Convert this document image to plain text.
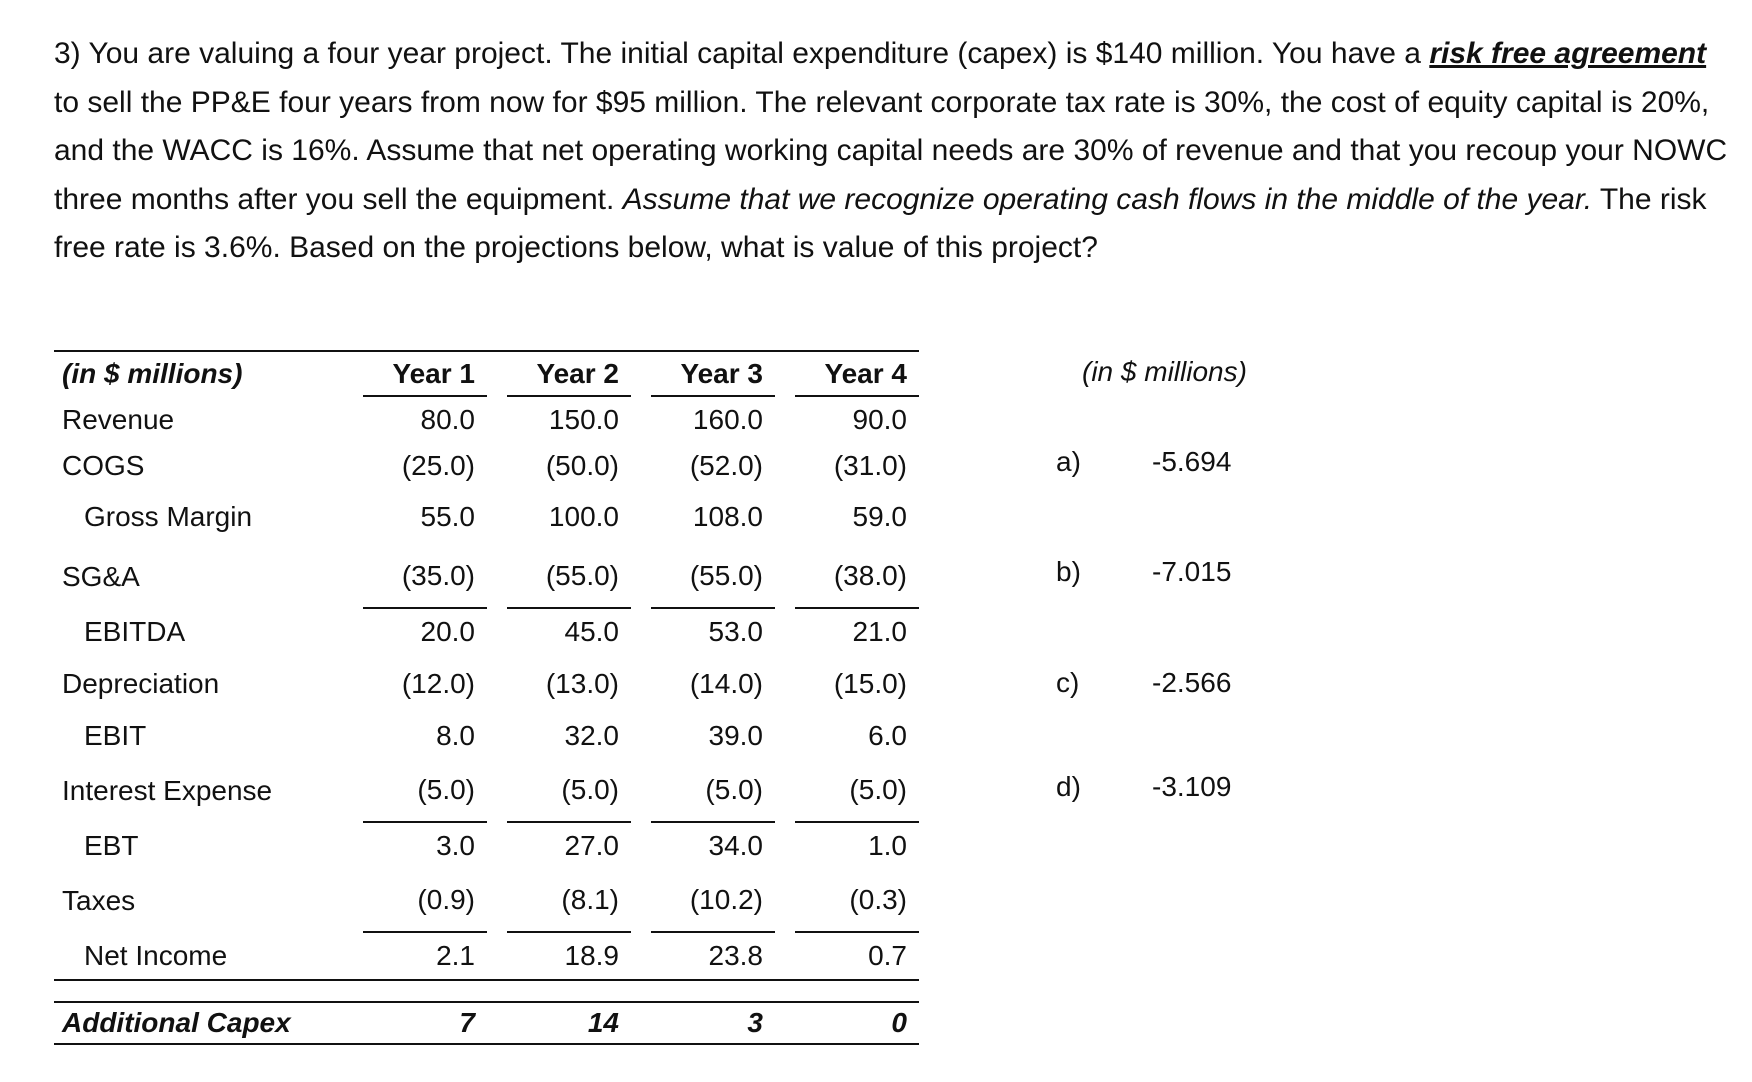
3) You are valuing a four year project. The initial capital expenditure (capex) is $140 million. You have a risk free agreement to sell the PP&E four years from now for $95 million. The relevant corporate tax rate is 30%, the cost of equity capital is 20%, and the WACC is 16%. Assume that net operating working capital needs are 30% of revenue and that you recoup your NOWC three months after you sell the equipment. Assume that we recognize operating cash flows in the middle of the year. The risk free rate is 3.6%. Based on the projections below, what is value of this project?

(in $ millions)	Year 1		Year 2		Year 3		Year 4
Revenue	80.0		150.0		160.0		90.0
COGS	(25.0)		(50.0)		(52.0)		(31.0)
Gross Margin	55.0		100.0		108.0		59.0
SG&A	(35.0)		(55.0)		(55.0)		(38.0)
EBITDA	20.0		45.0		53.0		21.0
Depreciation	(12.0)		(13.0)		(14.0)		(15.0)
EBIT	8.0		32.0		39.0		6.0
Interest Expense	(5.0)		(5.0)		(5.0)		(5.0)
EBT	3.0		27.0		34.0		1.0
Taxes	(0.9)		(8.1)		(10.2)		(0.3)
Net Income	2.1		18.9		23.8		0.7

Additional Capex	7		14		3		0
(in $ millions)
a)	-5.694
b)	-7.015
c)	-2.566
d)	-3.109
